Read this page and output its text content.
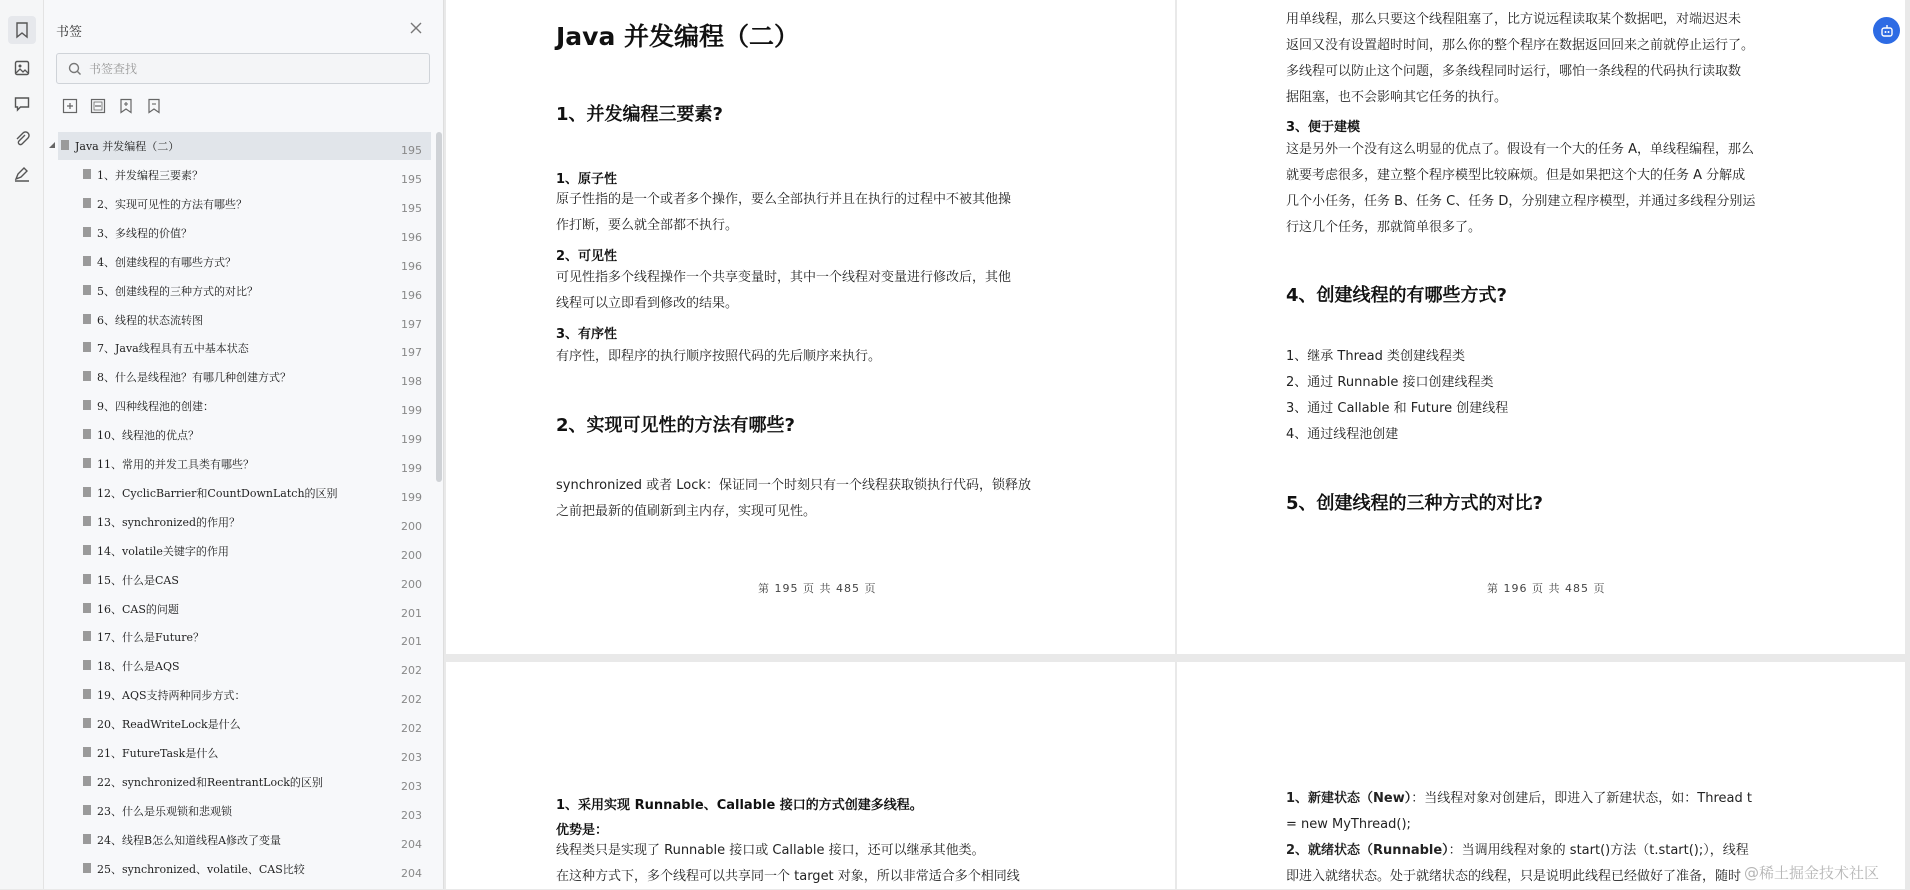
书签
书签查找
Java 并发编程（二）	195
1、并发编程三要素？	195
2、实现可见性的方法有哪些？	195
3、多线程的价值？	196
4、创建线程的有哪些方式？	196
5、创建线程的三种方式的对比？	196
6、线程的状态流转图	197
7、Java线程具有五中基本状态	197
8、什么是线程池？有哪几种创建方式？	198
9、四种线程池的创建：	199
10、线程池的优点？	199
11、常用的并发工具类有哪些？	199
12、CyclicBarrier和CountDownLatch的区别	199
13、synchronized的作用？	200
14、volatile关键字的作用	200
15、什么是CAS	200
16、CAS的问题	201
17、什么是Future？	201
18、什么是AQS	202
19、AQS支持两种同步方式：	202
20、ReadWriteLock是什么	202
21、FutureTask是什么	203
22、synchronized和ReentrantLock的区别	203
23、什么是乐观锁和悲观锁	203
24、线程B怎么知道线程A修改了变量	204
25、synchronized、volatile、CAS比较	204
Java 并发编程（二）
1、并发编程三要素?
1、原子性
原子性指的是一个或者多个操作，要么全部执行并且在执行的过程中不被其他操
作打断，要么就全部都不执行。
2、可见性
可见性指多个线程操作一个共享变量时，其中一个线程对变量进行修改后，其他
线程可以立即看到修改的结果。
3、有序性
有序性，即程序的执行顺序按照代码的先后顺序来执行。
2、实现可见性的方法有哪些?
synchronized 或者 Lock：保证同一个时刻只有一个线程获取锁执行代码，锁释放
之前把最新的值刷新到主内存，实现可见性。
第 195 页 共 485 页
用单线程，那么只要这个线程阻塞了，比方说远程读取某个数据吧，对端迟迟未
返回又没有设置超时时间，那么你的整个程序在数据返回回来之前就停止运行了。
多线程可以防止这个问题，多条线程同时运行，哪怕一条线程的代码执行读取数
据阻塞，也不会影响其它任务的执行。
3、便于建模
这是另外一个没有这么明显的优点了。假设有一个大的任务 A，单线程编程，那么
就要考虑很多，建立整个程序模型比较麻烦。但是如果把这个大的任务 A 分解成
几个小任务，任务 B、任务 C、任务 D，分别建立程序模型，并通过多线程分别运
行这几个任务，那就简单很多了。
4、创建线程的有哪些方式?
1、继承 Thread 类创建线程类
2、通过 Runnable 接口创建线程类
3、通过 Callable 和 Future 创建线程
4、通过线程池创建
5、创建线程的三种方式的对比?
第 196 页 共 485 页
1、采用实现 Runnable、Callable 接口的方式创建多线程。
优势是：
线程类只是实现了 Runnable 接口或 Callable 接口，还可以继承其他类。
在这种方式下，多个线程可以共享同一个 target 对象，所以非常适合多个相同线
1、新建状态（New）：当线程对象对创建后，即进入了新建状态，如：Thread t
= new MyThread();
2、就绪状态（Runnable）：当调用线程对象的 start()方法（t.start();），线程
即进入就绪状态。处于就绪状态的线程，只是说明此线程已经做好了准备，随时 @稀土掘金技术社区
